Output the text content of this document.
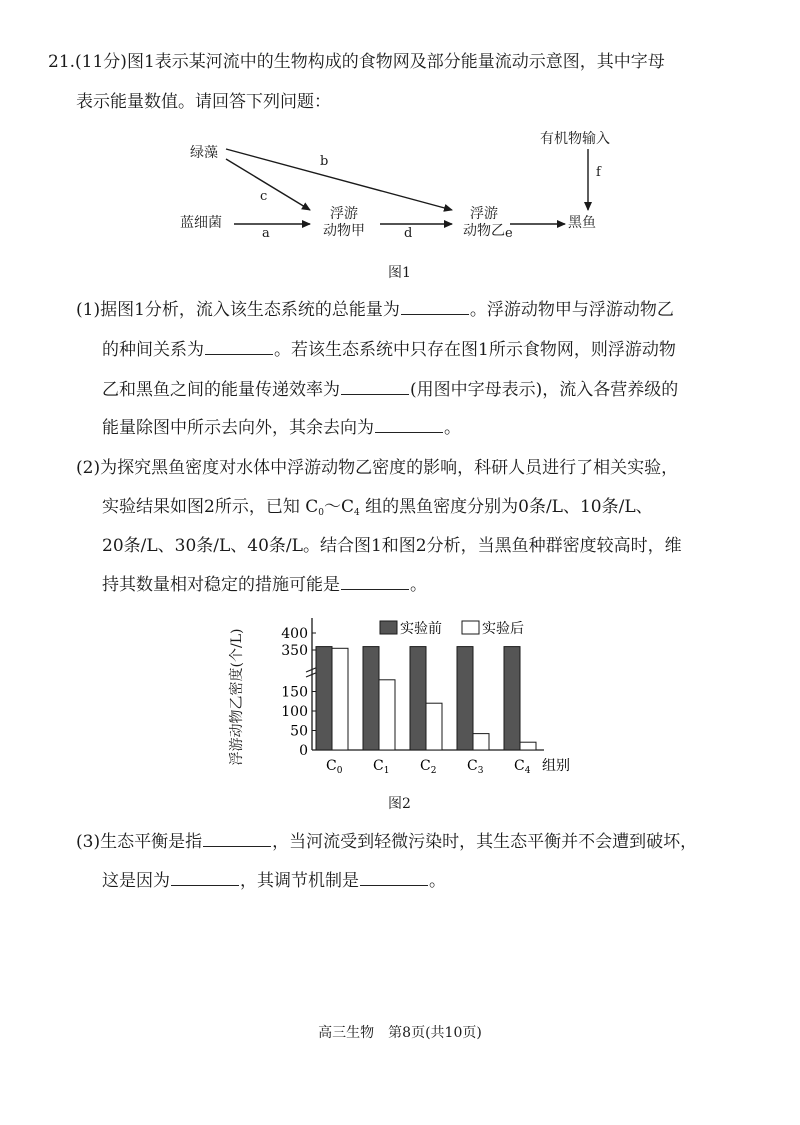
21.(11分)图1表示某河流中的生物构成的食物网及部分能量流动示意图，其中字母
表示能量数值。请回答下列问题：
绿藻
蓝细菌
浮游
动物甲
浮游
动物乙	黑鱼
有机物输入
a
b
c
d	e
f
图1
(1)据图1分析，流入该生态系统的总能量为	。浮游动物甲与浮游动物乙
的种间关系为	。若该生态系统中只存在图1所示食物网，则浮游动物
乙和黑鱼之间的能量传递效率为	(用图中字母表示)，流入各营养级的
能量除图中所示去向外，其余去向为	。
(2)为探究黑鱼密度对水体中浮游动物乙密度的影响，科研人员进行了相关实验，
实验结果如图2所示，已知 $C_0\sim C_4$ 组的黑鱼密度分别为0条/L、10条/L、
20条/L、30条/L、40条/L。结合图1和图2分析，当黑鱼种群密度较高时，维
持其数量相对稳定的措施可能是	。
浮游动物乙密度(个/L)	400
350
150
100
50
0
$C_0$ $C_1$ $C_2$ $C_3$ $C_4$ 组别
实验前	实验后
图2
(3)生态平衡是指	，当河流受到轻微污染时，其生态平衡并不会遭到破坏，
这是因为	，其调节机制是	。
高三生物　第8页(共10页)
